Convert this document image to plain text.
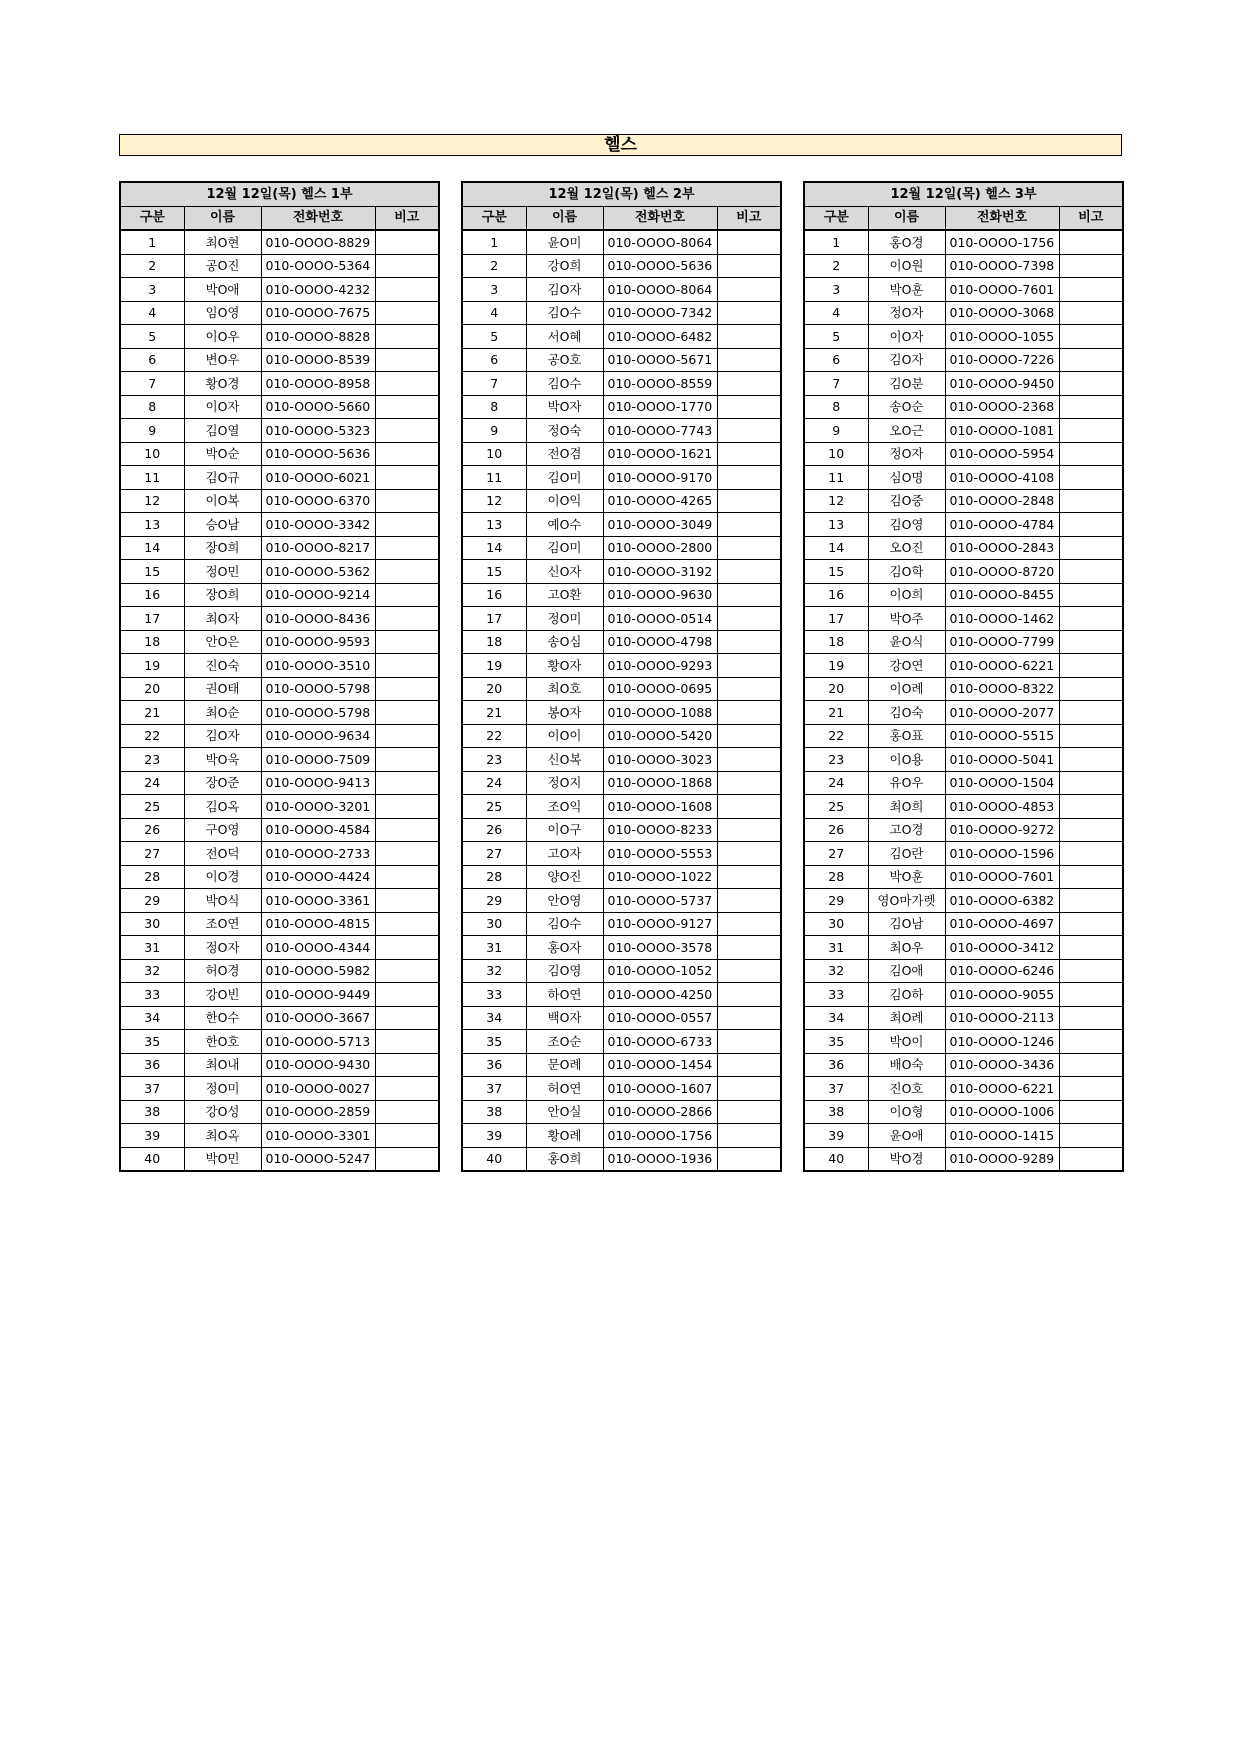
헬스
12월 12일(목) 헬스 1부			
구분	이름	전화번호	비고
1	최O현	010-OOOO-8829	
2	공O진	010-OOOO-5364	
3	박O애	010-OOOO-4232	
4	임O영	010-OOOO-7675	
5	이O우	010-OOOO-8828	
6	변O우	010-OOOO-8539	
7	황O경	010-OOOO-8958	
8	이O자	010-OOOO-5660	
9	김O열	010-OOOO-5323	
10	박O순	010-OOOO-5636	
11	김O규	010-OOOO-6021	
12	이O복	010-OOOO-6370	
13	승O남	010-OOOO-3342	
14	장O희	010-OOOO-8217	
15	정O민	010-OOOO-5362	
16	장O희	010-OOOO-9214	
17	최O자	010-OOOO-8436	
18	안O은	010-OOOO-9593	
19	진O숙	010-OOOO-3510	
20	권O태	010-OOOO-5798	
21	최O순	010-OOOO-5798	
22	김O자	010-OOOO-9634	
23	박O욱	010-OOOO-7509	
24	장O준	010-OOOO-9413	
25	김O옥	010-OOOO-3201	
26	구O영	010-OOOO-4584	
27	전O덕	010-OOOO-2733	
28	이O경	010-OOOO-4424	
29	박O식	010-OOOO-3361	
30	조O연	010-OOOO-4815	
31	정O자	010-OOOO-4344	
32	허O경	010-OOOO-5982	
33	강O빈	010-OOOO-9449	
34	한O수	010-OOOO-3667	
35	한O호	010-OOOO-5713	
36	최O내	010-OOOO-9430	
37	정O미	010-OOOO-0027	
38	강O성	010-OOOO-2859	
39	최O옥	010-OOOO-3301	
40	박O민	010-OOOO-5247	
12월 12일(목) 헬스 2부			
구분	이름	전화번호	비고
1	윤O미	010-OOOO-8064	
2	강O희	010-OOOO-5636	
3	김O자	010-OOOO-8064	
4	김O수	010-OOOO-7342	
5	서O혜	010-OOOO-6482	
6	공O호	010-OOOO-5671	
7	김O수	010-OOOO-8559	
8	박O자	010-OOOO-1770	
9	정O숙	010-OOOO-7743	
10	전O겸	010-OOOO-1621	
11	김O미	010-OOOO-9170	
12	이O익	010-OOOO-4265	
13	예O수	010-OOOO-3049	
14	김O미	010-OOOO-2800	
15	신O자	010-OOOO-3192	
16	고O환	010-OOOO-9630	
17	정O미	010-OOOO-0514	
18	송O심	010-OOOO-4798	
19	황O자	010-OOOO-9293	
20	최O호	010-OOOO-0695	
21	봉O자	010-OOOO-1088	
22	이O이	010-OOOO-5420	
23	신O복	010-OOOO-3023	
24	정O지	010-OOOO-1868	
25	조O익	010-OOOO-1608	
26	이O구	010-OOOO-8233	
27	고O자	010-OOOO-5553	
28	양O진	010-OOOO-1022	
29	안O영	010-OOOO-5737	
30	김O수	010-OOOO-9127	
31	홍O자	010-OOOO-3578	
32	김O영	010-OOOO-1052	
33	하O연	010-OOOO-4250	
34	백O자	010-OOOO-0557	
35	조O순	010-OOOO-6733	
36	문O례	010-OOOO-1454	
37	허O연	010-OOOO-1607	
38	안O실	010-OOOO-2866	
39	황O례	010-OOOO-1756	
40	홍O희	010-OOOO-1936	
12월 12일(목) 헬스 3부			
구분	이름	전화번호	비고
1	홍O경	010-OOOO-1756	
2	이O원	010-OOOO-7398	
3	박O훈	010-OOOO-7601	
4	정O자	010-OOOO-3068	
5	이O자	010-OOOO-1055	
6	김O자	010-OOOO-7226	
7	김O분	010-OOOO-9450	
8	송O순	010-OOOO-2368	
9	오O근	010-OOOO-1081	
10	정O자	010-OOOO-5954	
11	심O명	010-OOOO-4108	
12	김O중	010-OOOO-2848	
13	김O영	010-OOOO-4784	
14	오O진	010-OOOO-2843	
15	김O학	010-OOOO-8720	
16	이O희	010-OOOO-8455	
17	박O주	010-OOOO-1462	
18	윤O식	010-OOOO-7799	
19	강O연	010-OOOO-6221	
20	이O례	010-OOOO-8322	
21	김O숙	010-OOOO-2077	
22	홍O표	010-OOOO-5515	
23	이O용	010-OOOO-5041	
24	유O우	010-OOOO-1504	
25	최O희	010-OOOO-4853	
26	고O경	010-OOOO-9272	
27	김O란	010-OOOO-1596	
28	박O훈	010-OOOO-7601	
29	영O마가렛	010-OOOO-6382	
30	김O남	010-OOOO-4697	
31	최O우	010-OOOO-3412	
32	김O애	010-OOOO-6246	
33	김O하	010-OOOO-9055	
34	최O례	010-OOOO-2113	
35	박O이	010-OOOO-1246	
36	배O숙	010-OOOO-3436	
37	진O호	010-OOOO-6221	
38	이O형	010-OOOO-1006	
39	윤O애	010-OOOO-1415	
40	박O경	010-OOOO-9289	
